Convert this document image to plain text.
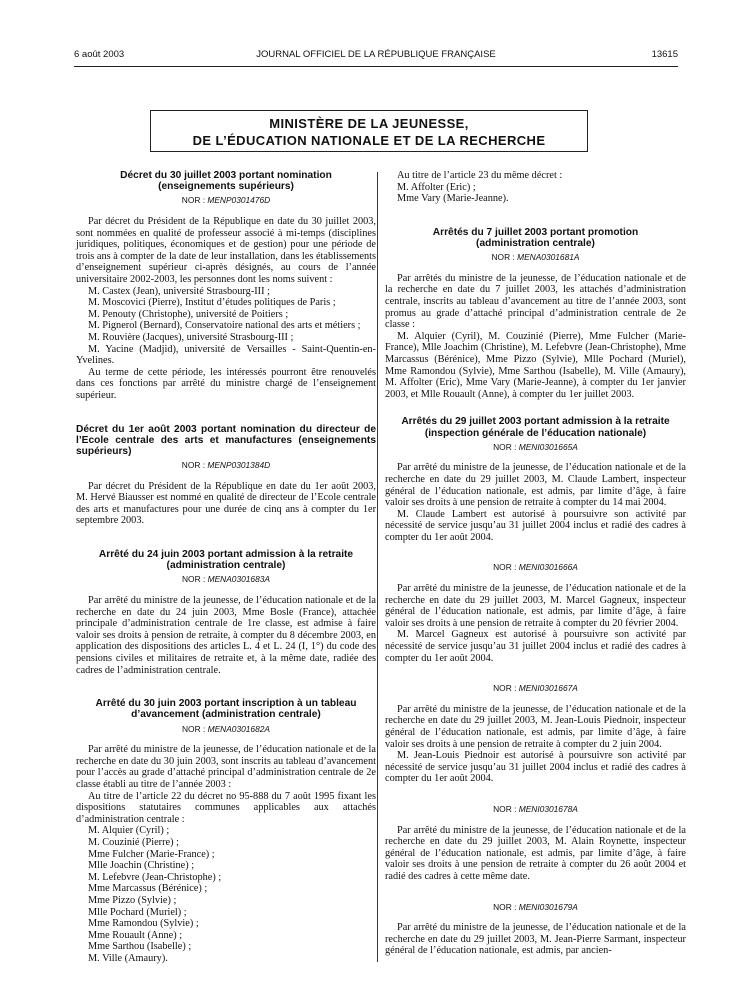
6 août 2003	JOURNAL OFFICIEL DE LA RÉPUBLIQUE FRANÇAISE	13615
MINISTÈRE DE LA JEUNESSE,
DE L’ÉDUCATION NATIONALE ET DE LA RECHERCHE
Décret du 30 juillet 2003 portant nomination
(enseignements supérieurs)
NOR : MENP0301476D

Par décret du Président de la République en date du 30 juillet 2003, sont nommées en qualité de professeur associé à mi-temps (disciplines juridiques, politiques, économiques et de gestion) pour une période de trois ans à compter de la date de leur installation, dans les établissements d’enseignement supérieur ci-après désignés, au cours de l’année universitaire 2002-2003, les personnes dont les noms suivent :

M. Castex (Jean), université Strasbourg-III ;

M. Moscovici (Pierre), Institut d’études politiques de Paris ;

M. Penouty (Christophe), université de Poitiers ;

M. Pignerol (Bernard), Conservatoire national des arts et métiers ;

M. Rouvière (Jacques), université Strasbourg-III ;

M. Yacine (Madjid), université de Versailles - Saint-Quentin-en-Yvelines.

Au terme de cette période, les intéressés pourront être renouvelés dans ces fonctions par arrêté du ministre chargé de l’enseignement supérieur.

Décret du 1er août 2003 portant nomination du directeur de l’Ecole centrale des arts et manufactures (enseignements supérieurs)
NOR : MENP0301384D

Par décret du Président de la République en date du 1er août 2003, M. Hervé Biausser est nommé en qualité de directeur de l’Ecole centrale des arts et manufactures pour une durée de cinq ans à compter du 1er septembre 2003.

Arrêté du 24 juin 2003 portant admission à la retraite
(administration centrale)
NOR : MENA0301683A

Par arrêté du ministre de la jeunesse, de l’éducation nationale et de la recherche en date du 24 juin 2003, Mme Bosle (France), attachée principale d’administration centrale de 1re classe, est admise à faire valoir ses droits à pension de retraite, à compter du 8 décembre 2003, en application des dispositions des articles L. 4 et L. 24 (I, 1°) du code des pensions civiles et militaires de retraite et, à la même date, radiée des cadres de l’administration centrale.

Arrêté du 30 juin 2003 portant inscription à un tableau
d’avancement (administration centrale)
NOR : MENA0301682A

Par arrêté du ministre de la jeunesse, de l’éducation nationale et de la recherche en date du 30 juin 2003, sont inscrits au tableau d’avancement pour l’accès au grade d’attaché principal d’administration centrale de 2e classe établi au titre de l’année 2003 :

Au titre de l’article 22 du décret no 95-888 du 7 août 1995 fixant les dispositions statutaires communes applicables aux attachés d’administration centrale :

M. Alquier (Cyril) ;

M. Couzinié (Pierre) ;

Mme Fulcher (Marie-France) ;

Mlle Joachin (Christine) ;

M. Lefebvre (Jean-Christophe) ;

Mme Marcassus (Bérénice) ;

Mme Pizzo (Sylvie) ;

Mlle Pochard (Muriel) ;

Mme Ramondou (Sylvie) ;

Mme Rouault (Anne) ;

Mme Sarthou (Isabelle) ;

M. Ville (Amaury).

Au titre de l’article 23 du même décret :

M. Affolter (Eric) ;

Mme Vary (Marie-Jeanne).

Arrêtés du 7 juillet 2003 portant promotion
(administration centrale)
NOR : MENA0301681A

Par arrêtés du ministre de la jeunesse, de l’éducation nationale et de la recherche en date du 7 juillet 2003, les attachés d’administration centrale, inscrits au tableau d’avancement au titre de l’année 2003, sont promus au grade d’attaché principal d’administration centrale de 2e classe :

M. Alquier (Cyril), M. Couzinié (Pierre), Mme Fulcher (Marie-France), Mlle Joachim (Christine), M. Lefebvre (Jean-Christophe), Mme Marcassus (Bérénice), Mme Pizzo (Sylvie), Mlle Pochard (Muriel), Mme Ramondou (Sylvie), Mme Sarthou (Isabelle), M. Ville (Amaury), M. Affolter (Eric), Mme Vary (Marie-Jeanne), à compter du 1er janvier 2003, et Mlle Rouault (Anne), à compter du 1er juillet 2003.

Arrêtés du 29 juillet 2003 portant admission à la retraite
(inspection générale de l’éducation nationale)
NOR : MENI0301665A

Par arrêté du ministre de la jeunesse, de l’éducation nationale et de la recherche en date du 29 juillet 2003, M. Claude Lambert, inspecteur général de l’éducation nationale, est admis, par limite d’âge, à faire valoir ses droits à une pension de retraite à compter du 14 mai 2004.

M. Claude Lambert est autorisé à poursuivre son activité par nécessité de service jusqu’au 31 juillet 2004 inclus et radié des cadres à compter du 1er août 2004.

NOR : MENI0301666A

Par arrêté du ministre de la jeunesse, de l’éducation nationale et de la recherche en date du 29 juillet 2003, M. Marcel Gagneux, inspecteur général de l’éducation nationale, est admis, par limite d’âge, à faire valoir ses droits à une pension de retraite à compter du 20 février 2004.

M. Marcel Gagneux est autorisé à poursuivre son activité par nécessité de service jusqu’au 31 juillet 2004 inclus et radié des cadres à compter du 1er août 2004.

NOR : MENI0301667A

Par arrêté du ministre de la jeunesse, de l’éducation nationale et de la recherche en date du 29 juillet 2003, M. Jean-Louis Piednoir, inspecteur général de l’éducation nationale, est admis, par limite d’âge, à faire valoir ses droits à une pension de retraite à compter du 2 juin 2004.

M. Jean-Louis Piednoir est autorisé à poursuivre son activité par nécessité de service jusqu’au 31 juillet 2004 inclus et radié des cadres à compter du 1er août 2004.

NOR : MENI0301678A

Par arrêté du ministre de la jeunesse, de l’éducation nationale et de la recherche en date du 29 juillet 2003, M. Alain Roynette, inspecteur général de l’éducation nationale, est admis, par limite d’âge, à faire valoir ses droits à une pension de retraite à compter du 26 août 2004 et radié des cadres à cette même date.

NOR : MENI0301679A

Par arrêté du ministre de la jeunesse, de l’éducation nationale et de la recherche en date du 29 juillet 2003, M. Jean-Pierre Sarmant, inspecteur général de l’éducation nationale, est admis, par ancien-
